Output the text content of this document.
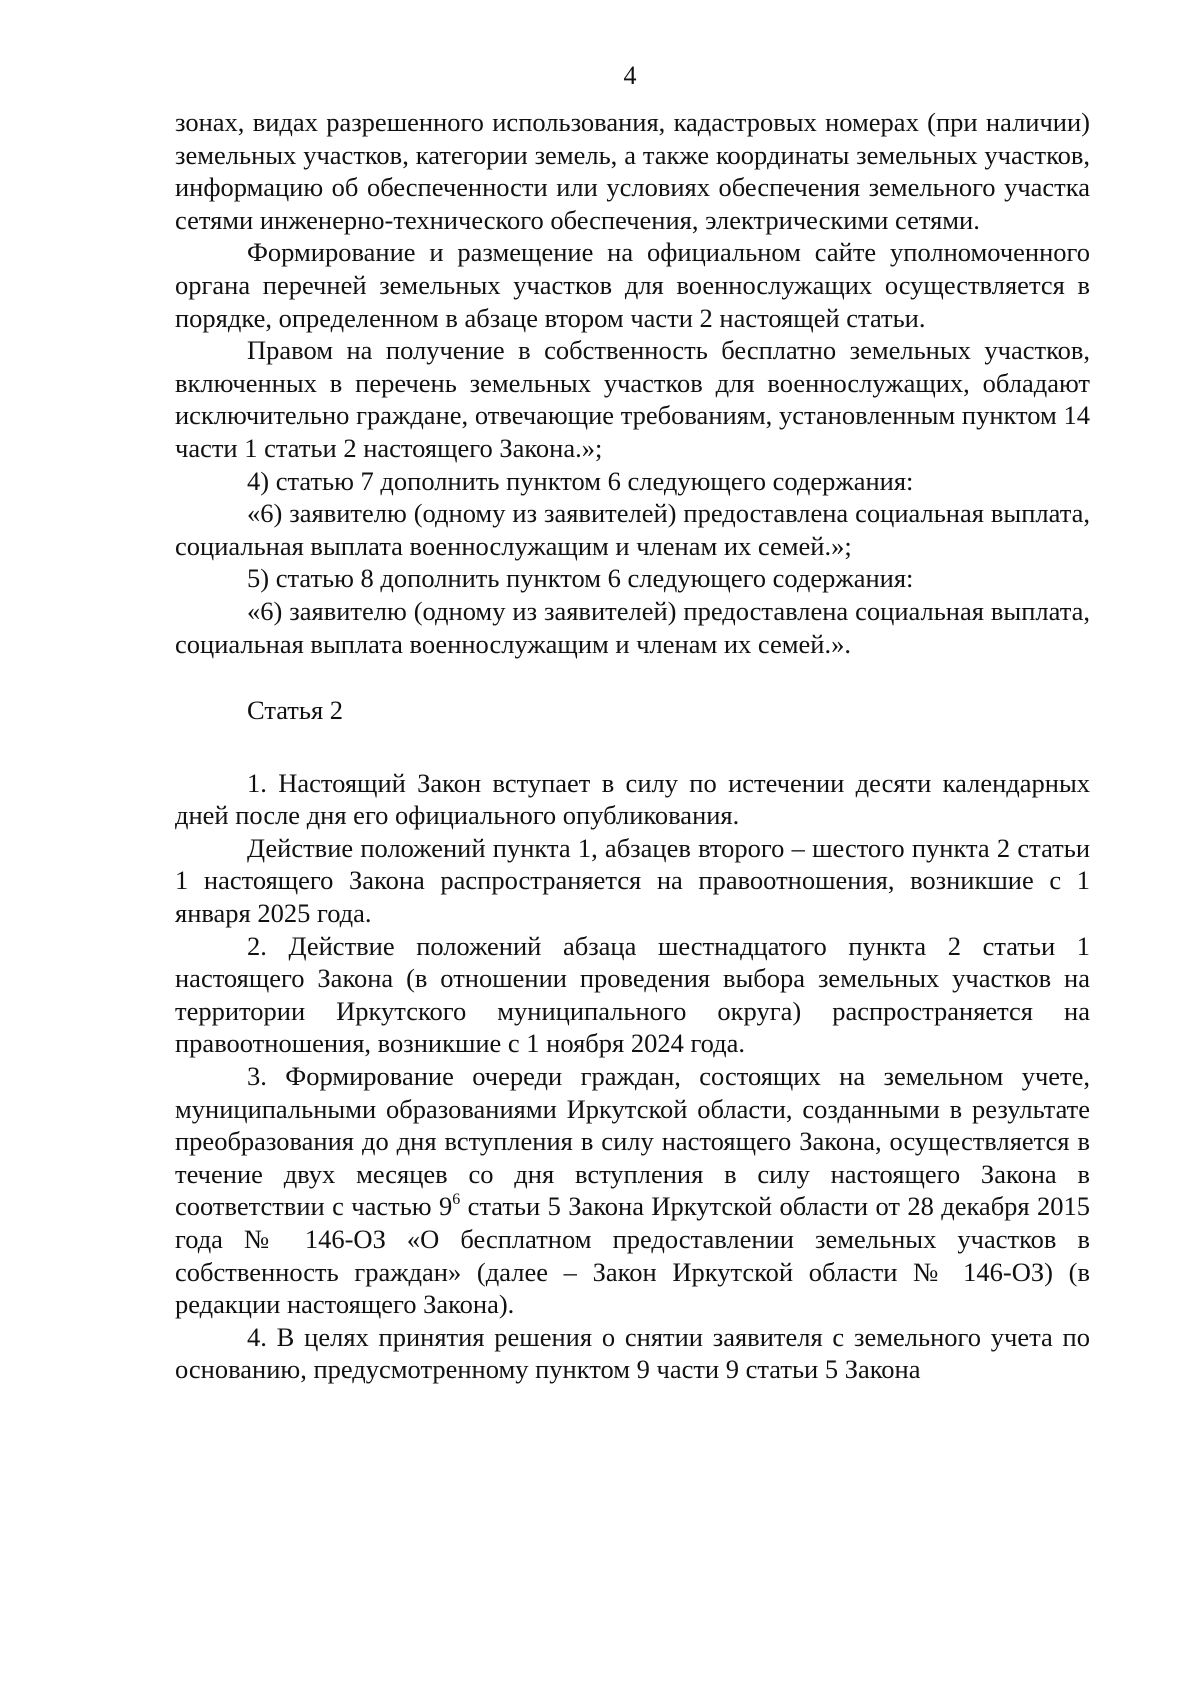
4

зонах, видах разрешенного использования, кадастровых номерах (при наличии) земельных участков, категории земель, а также координаты земельных участков, информацию об обеспеченности или условиях обеспечения земельного участка сетями инженерно-технического обеспечения, электрическими сетями.

Формирование и размещение на официальном сайте уполномоченного органа перечней земельных участков для военнослужащих осуществляется в порядке, определенном в абзаце втором части 2 настоящей статьи.

Правом на получение в собственность бесплатно земельных участков, включенных в перечень земельных участков для военнослужащих, обладают исключительно граждане, отвечающие требованиям, установленным пунктом 14 части 1 статьи 2 настоящего Закона.»;

4) статью 7 дополнить пунктом 6 следующего содержания:

«6) заявителю (одному из заявителей) предоставлена социальная выплата, социальная выплата военнослужащим и членам их семей.»;

5) статью 8 дополнить пунктом 6 следующего содержания:

«6) заявителю (одному из заявителей) предоставлена социальная выплата, социальная выплата военнослужащим и членам их семей.».

Статья 2

1. Настоящий Закон вступает в силу по истечении десяти календарных дней после дня его официального опубликования.

Действие положений пункта 1, абзацев второго – шестого пункта 2 статьи 1 настоящего Закона распространяется на правоотношения, возникшие с 1 января 2025 года.

2. Действие положений абзаца шестнадцатого пункта 2 статьи 1 настоящего Закона (в отношении проведения выбора земельных участков на территории Иркутского муниципального округа) распространяется на правоотношения, возникшие с 1 ноября 2024 года.

3. Формирование очереди граждан, состоящих на земельном учете, муниципальными образованиями Иркутской области, созданными в результате преобразования до дня вступления в силу настоящего Закона, осуществляется в течение двух месяцев со дня вступления в силу настоящего Закона в соответствии с частью $9^6$ статьи 5 Закона Иркутской области от 28 декабря 2015 года № 146-ОЗ «О бесплатном предоставлении земельных участков в собственность граждан» (далее – Закон Иркутской области № 146-ОЗ) (в редакции настоящего Закона).

4. В целях принятия решения о снятии заявителя с земельного учета по основанию, предусмотренному пунктом 9 части 9 статьи 5 Закона
